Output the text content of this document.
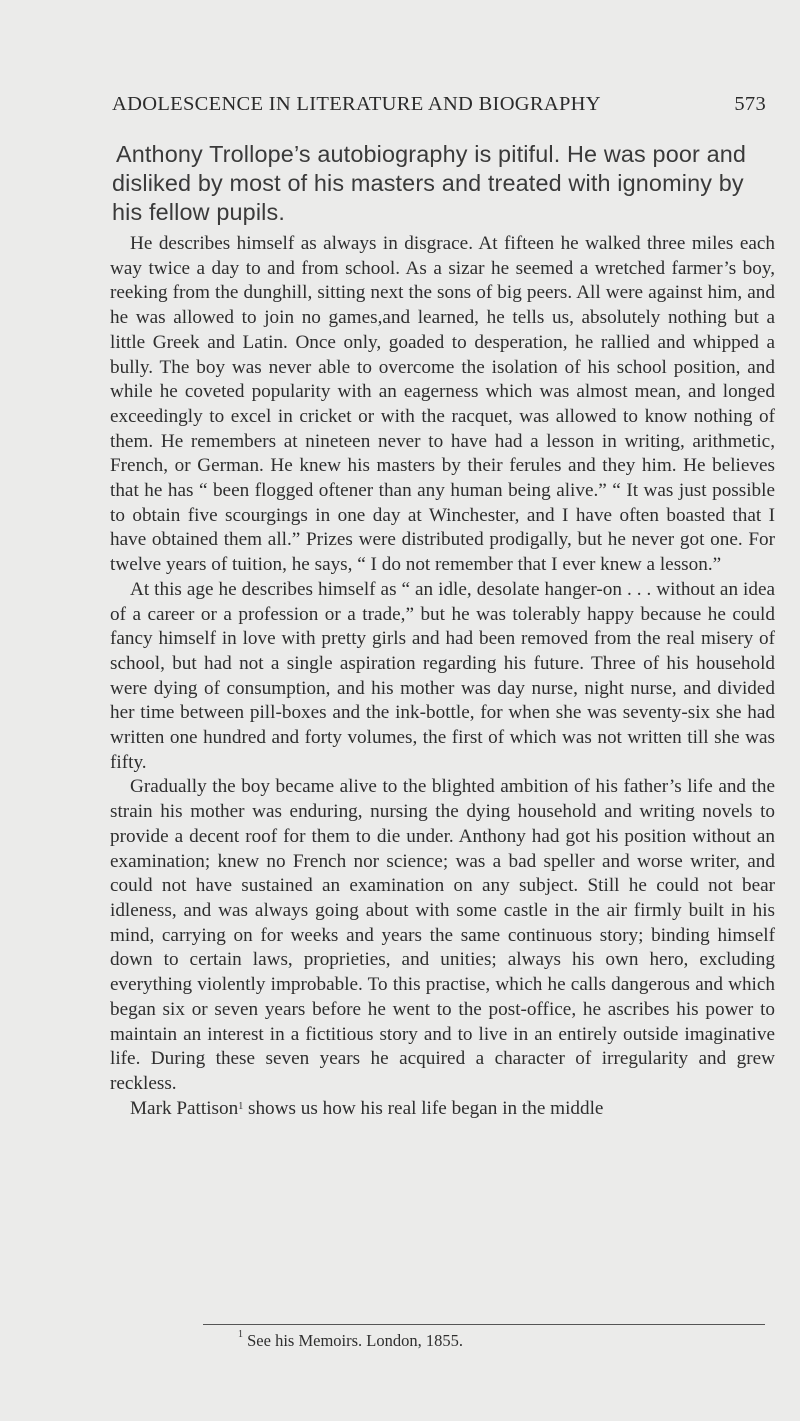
ADOLESCENCE IN LITERATURE AND BIOGRAPHY	573
Anthony Trollope’s autobiography is pitiful. He was poor and disliked by most of his masters and treated with ignominy by his fellow pupils.

He describes himself as always in disgrace. At fifteen he walked three miles each way twice a day to and from school. As a sizar he seemed a wretched farmer’s boy, reeking from the dunghill, sitting next the sons of big peers. All were against him, and he was allowed to join no games,and learned, he tells us, absolutely nothing but a little Greek and Latin. Once only, goaded to desperation, he rallied and whipped a bully. The boy was never able to overcome the isolation of his school position, and while he coveted popularity with an eagerness which was almost mean, and longed exceedingly to excel in cricket or with the racquet, was allowed to know nothing of them. He remembers at nineteen never to have had a lesson in writing, arithmetic, French, or German. He knew his masters by their ferules and they him. He believes that he has “ been flogged oftener than any human being alive.” “ It was just possible to obtain five scourgings in one day at Winchester, and I have often boasted that I have obtained them all.” Prizes were distributed prodigally, but he never got one. For twelve years of tuition, he says, “ I do not remember that I ever knew a lesson.”

At this age he describes himself as “ an idle, desolate hanger-on . . . without an idea of a career or a profession or a trade,” but he was tolerably happy because he could fancy himself in love with pretty girls and had been removed from the real misery of school, but had not a single aspiration regarding his future. Three of his household were dying of consumption, and his mother was day nurse, night nurse, and divided her time between pill-boxes and the ink-bottle, for when she was seventy-six she had written one hundred and forty volumes, the first of which was not written till she was fifty.

Gradually the boy became alive to the blighted ambition of his father’s life and the strain his mother was enduring, nursing the dying household and writing novels to provide a decent roof for them to die under. Anthony had got his position without an examination; knew no French nor science; was a bad speller and worse writer, and could not have sustained an examination on any subject. Still he could not bear idleness, and was always going about with some castle in the air firmly built in his mind, carrying on for weeks and years the same continuous story; binding himself down to certain laws, proprieties, and unities; always his own hero, excluding everything violently improbable. To this practise, which he calls dangerous and which began six or seven years before he went to the post-office, he ascribes his power to maintain an interest in a fictitious story and to live in an entirely outside imaginative life. During these seven years he acquired a character of irregularity and grew reckless.

Mark Pattison$^1$ shows us how his real life began in the middle

$^1$ See his Memoirs. London, 1855.
